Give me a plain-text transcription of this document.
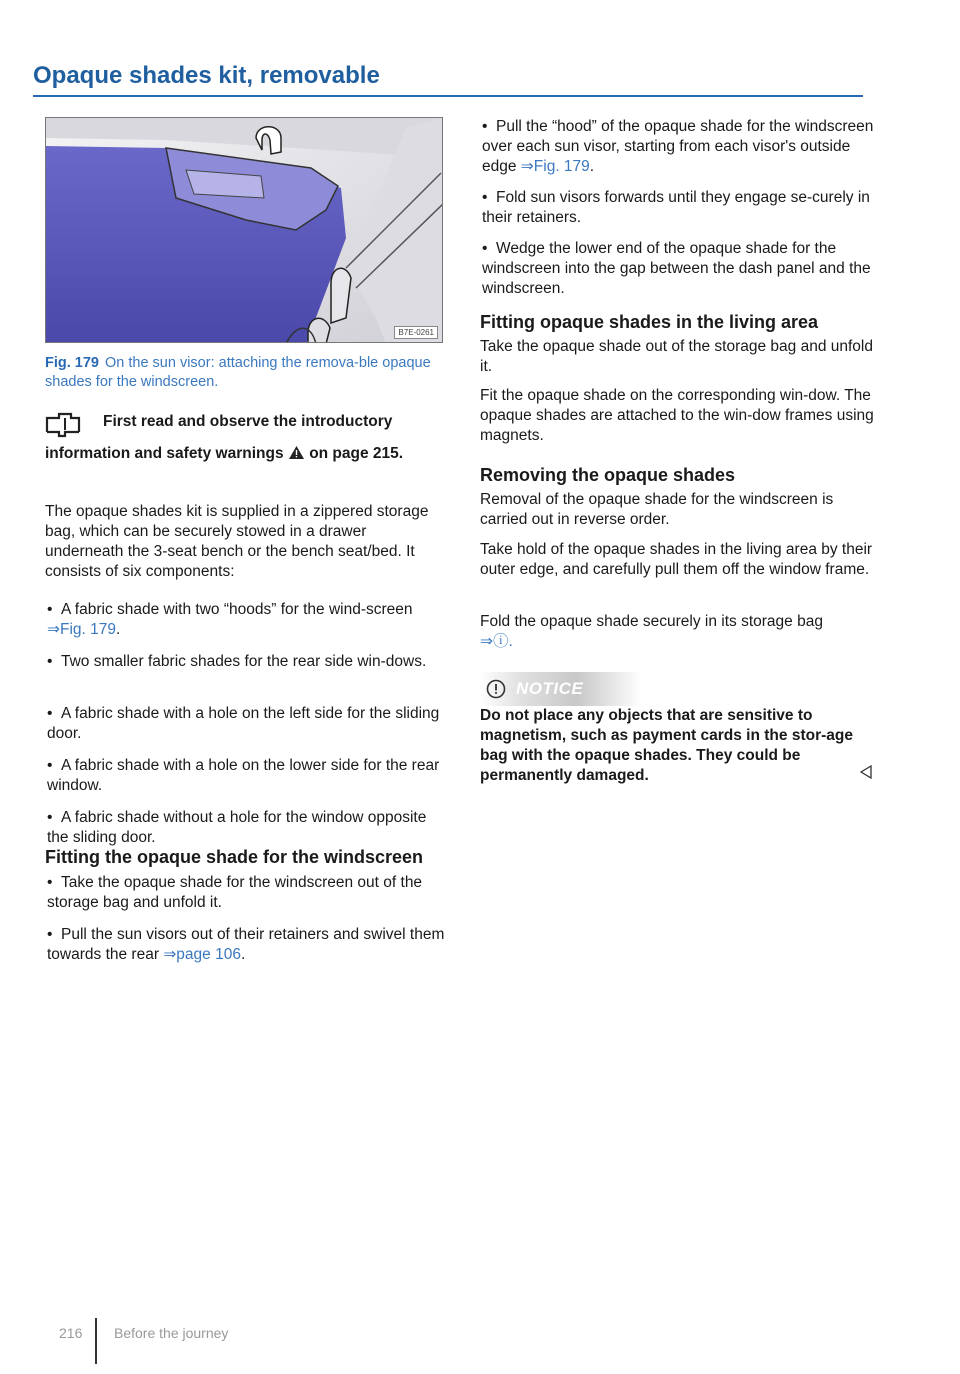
Opaque shades kit, removable
B7E-0261
Fig. 179 On the sun visor: attaching the remova-ble opaque shades for the windscreen.
First read and observe the introductory information and safety warnings on page 215.

The opaque shades kit is supplied in a zippered storage bag, which can be securely stowed in a drawer underneath the 3-seat bench or the bench seat/bed. It consists of six components:

• A fabric shade with two “hoods” for the wind-screen ⇒Fig. 179.
• Two smaller fabric shades for the rear side win-dows.
• A fabric shade with a hole on the left side for the sliding door.
• A fabric shade with a hole on the lower side for the rear window.
• A fabric shade without a hole for the window opposite the sliding door.
Fitting the opaque shade for the windscreen
• Take the opaque shade for the windscreen out of the storage bag and unfold it.
• Pull the sun visors out of their retainers and swivel them towards the rear ⇒page 106.
• Pull the “hood” of the opaque shade for the windscreen over each sun visor, starting from each visor's outside edge ⇒Fig. 179.
• Fold sun visors forwards until they engage se-curely in their retainers.
• Wedge the lower end of the opaque shade for the windscreen into the gap between the dash panel and the windscreen.
Fitting opaque shades in the living area

Take the opaque shade out of the storage bag and unfold it.

Fit the opaque shade on the corresponding win-dow. The opaque shades are attached to the win-dow frames using magnets.

Removing the opaque shades

Removal of the opaque shade for the windscreen is carried out in reverse order.

Take hold of the opaque shades in the living area by their outer edge, and carefully pull them off the window frame.

Fold the opaque shade securely in its storage bag
⇒ⓘ.

NOTICE
Do not place any objects that are sensitive to magnetism, such as payment cards in the stor-age bag with the opaque shades. They could be permanently damaged.
216 Before the journey
